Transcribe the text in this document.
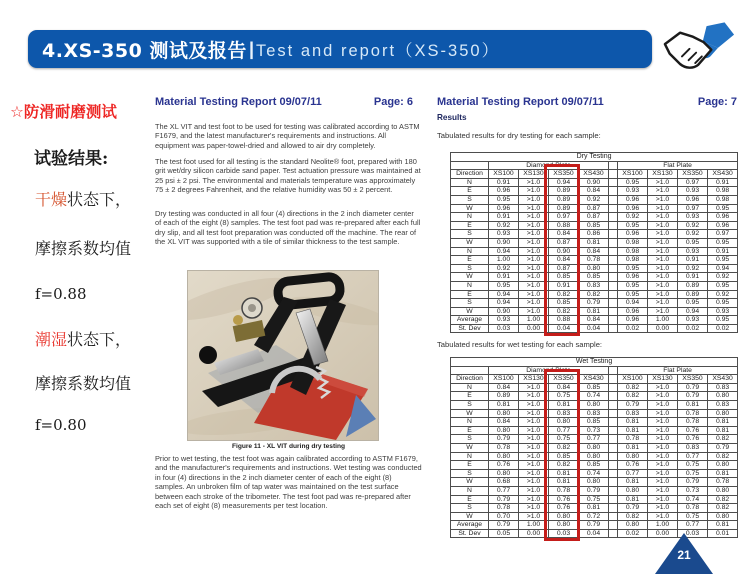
4.XS-350 测试及报告 | Test and report（XS-350）
☆防滑耐磨测试
试验结果:
干燥状态下，
摩擦系数均值
f=0.88
潮湿状态下，
摩擦系数均值
f=0.80
Material Testing Report 09/07/11	Page: 6
The XL VIT and test foot to be used for testing was calibrated according to ASTM F1679, and the latest manufacturer's requirements and instructions. All equipment was paper-towel-dried and allowed to air dry completely.
The test foot used for all testing is the standard Neolite® foot, prepared with 180 grit wet/dry silicon carbide sand paper. Test actuation pressure was maintained at 25 psi ± 2 psi. The environmental and materials temperature was approximately 75 ± 2 degrees Fahrenheit, and the relative humidity was 50 ± 2 percent.
Dry testing was conducted in all four (4) directions in the 2 inch diameter center of each of the eight (8) samples. The test foot pad was re-prepared after each full dry slip, and all test foot preparation was conducted off the machine. The rear of the XL VIT was supported with a tile of similar thickness to the test sample.
Figure 11 - XL VIT during dry testing
Prior to wet testing, the test foot was again calibrated according to ASTM F1679, and the manufacturer's requirements and instructions. Wet testing was conducted in four (4) directions in the 2 inch diameter center of each of the eight (8) samples. An unbroken film of tap water was maintained on the test surface between each stroke of the tribometer. The test foot pad was re-prepared after each set of eight (8) measurements per test location.
Material Testing Report 09/07/11	Page: 7
Results
Tabulated results for dry testing for each sample:
Dry Testing									
	Diamond Plate					Flat Plate			
Direction	XS100	XS130	XS350	XS430		XS100	XS130	XS350	XS430
N	0.91	>1.0	0.94	0.90		0.95	>1.0	0.97	0.91
E	0.96	>1.0	0.89	0.84		0.93	>1.0	0.93	0.98
S	0.95	>1.0	0.89	0.92		0.96	>1.0	0.96	0.98
W	0.96	>1.0	0.89	0.87		0.96	>1.0	0.97	0.95
N	0.91	>1.0	0.97	0.87		0.92	>1.0	0.93	0.96
E	0.92	>1.0	0.88	0.85		0.95	>1.0	0.92	0.96
S	0.93	>1.0	0.84	0.86		0.96	>1.0	0.92	0.97
W	0.90	>1.0	0.87	0.81		0.98	>1.0	0.95	0.95
N	0.94	>1.0	0.90	0.84		0.98	>1.0	0.93	0.91
E	1.00	>1.0	0.84	0.78		0.98	>1.0	0.91	0.95
S	0.92	>1.0	0.87	0.80		0.95	>1.0	0.92	0.94
W	0.91	>1.0	0.85	0.85		0.96	>1.0	0.91	0.92
N	0.95	>1.0	0.91	0.83		0.95	>1.0	0.89	0.95
E	0.94	>1.0	0.82	0.82		0.95	>1.0	0.89	0.92
S	0.94	>1.0	0.85	0.79		0.94	>1.0	0.95	0.95
W	0.90	>1.0	0.82	0.81		0.96	>1.0	0.94	0.93
Average	0.93	1.00	0.88	0.84		0.96	1.00	0.93	0.95
St. Dev	0.03	0.00	0.04	0.04		0.02	0.00	0.02	0.02
Tabulated results for wet testing for each sample:
Wet Testing									
	Diamond Plate					Flat Plate			
Direction	XS100	XS130	XS350	XS430		XS100	XS130	XS350	XS430
N	0.84	>1.0	0.84	0.85		0.82	>1.0	0.79	0.83
E	0.89	>1.0	0.75	0.74		0.82	>1.0	0.79	0.80
S	0.81	>1.0	0.81	0.80		0.79	>1.0	0.81	0.83
W	0.80	>1.0	0.83	0.83		0.83	>1.0	0.78	0.80
N	0.84	>1.0	0.80	0.85		0.81	>1.0	0.78	0.81
E	0.80	>1.0	0.77	0.73		0.81	>1.0	0.76	0.81
S	0.79	>1.0	0.75	0.77		0.78	>1.0	0.76	0.82
W	0.78	>1.0	0.82	0.80		0.81	>1.0	0.83	0.79
N	0.80	>1.0	0.85	0.80		0.80	>1.0	0.77	0.82
E	0.76	>1.0	0.82	0.85		0.76	>1.0	0.75	0.80
S	0.80	>1.0	0.81	0.74		0.77	>1.0	0.75	0.81
W	0.68	>1.0	0.81	0.80		0.81	>1.0	0.79	0.78
N	0.77	>1.0	0.78	0.79		0.80	>1.0	0.73	0.80
E	0.79	>1.0	0.76	0.75		0.81	>1.0	0.74	0.82
S	0.78	>1.0	0.76	0.81		0.79	>1.0	0.78	0.82
W	0.70	>1.0	0.80	0.72		0.82	>1.0	0.75	0.80
Average	0.79	1.00	0.80	0.79		0.80	1.00	0.77	0.81
St. Dev	0.05	0.00	0.03	0.04		0.02	0.00	0.03	0.01
21
